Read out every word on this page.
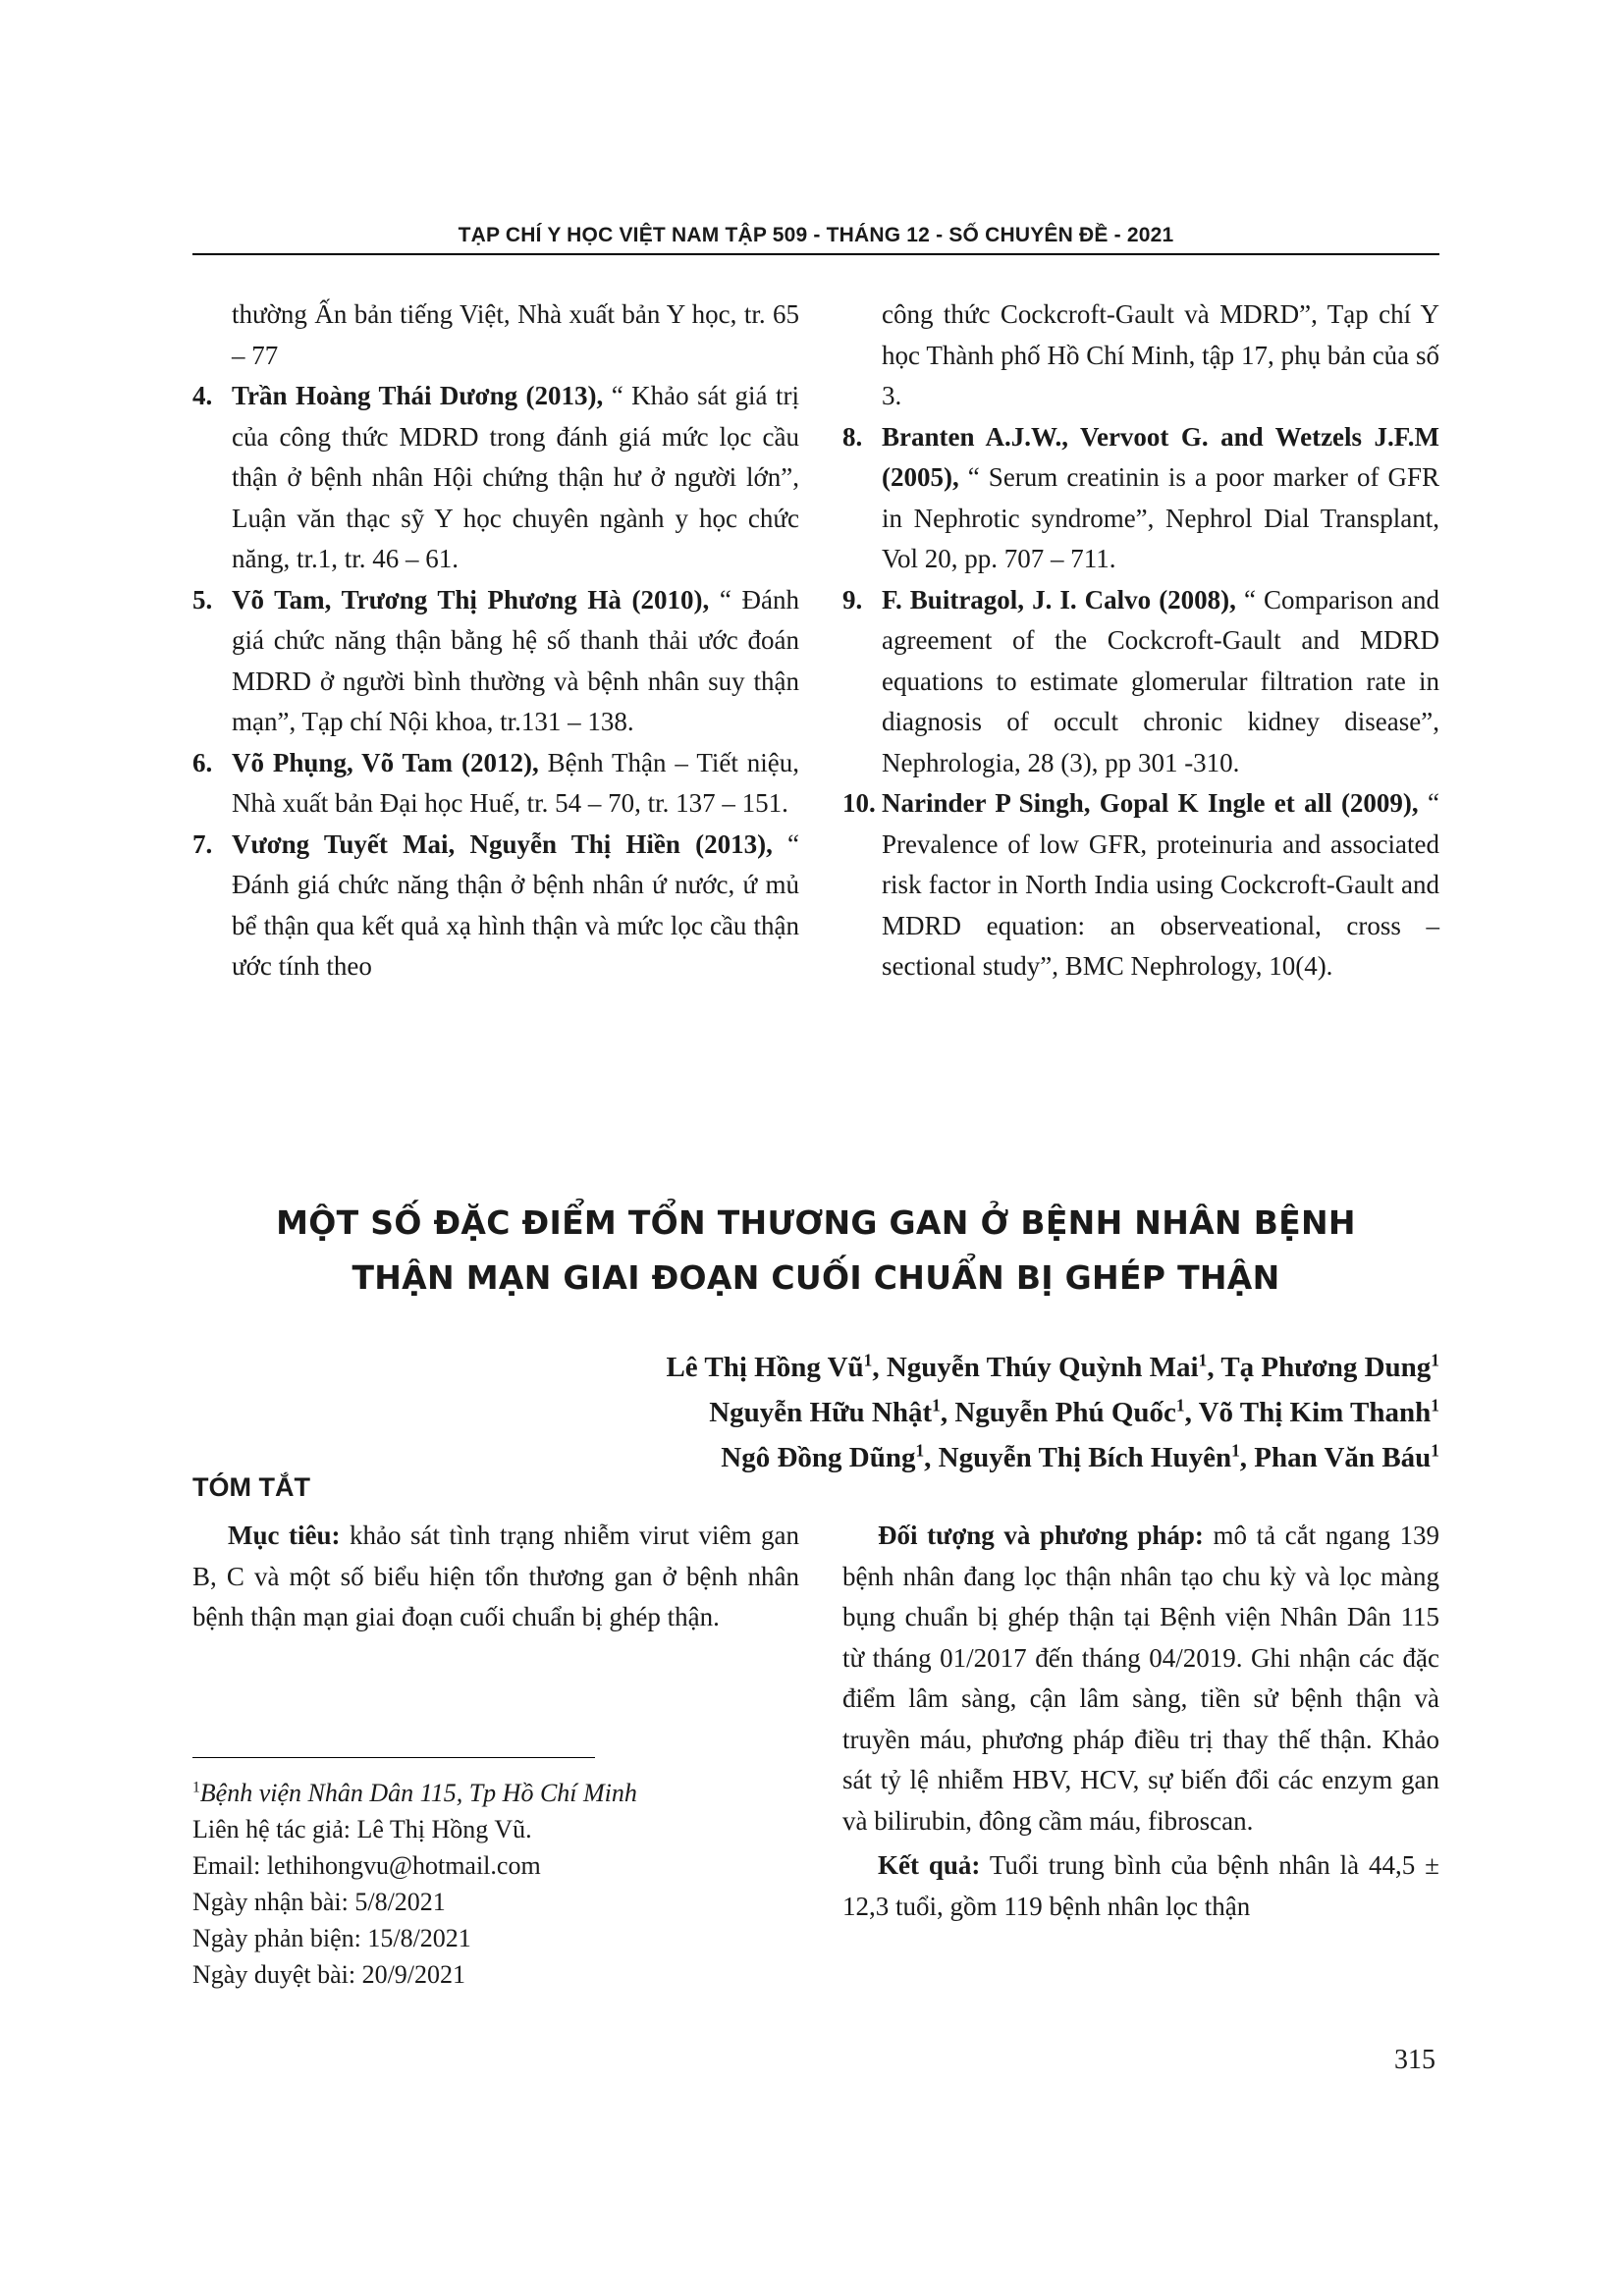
TẠP CHÍ Y HỌC VIỆT NAM TẬP 509 - THÁNG 12 - SỐ CHUYÊN ĐỀ - 2021
thường Ấn bản tiếng Việt, Nhà xuất bản Y học, tr. 65 – 77
4. Trần Hoàng Thái Dương (2013), “ Khảo sát giá trị của công thức MDRD trong đánh giá mức lọc cầu thận ở bệnh nhân Hội chứng thận hư ở người lớn”, Luận văn thạc sỹ Y học chuyên ngành y học chức năng, tr.1, tr. 46 – 61.
5. Võ Tam, Trương Thị Phương Hà (2010), “ Đánh giá chức năng thận bằng hệ số thanh thải ước đoán MDRD ở người bình thường và bệnh nhân suy thận mạn”, Tạp chí Nội khoa, tr.131 – 138.
6. Võ Phụng, Võ Tam (2012), Bệnh Thận – Tiết niệu, Nhà xuất bản Đại học Huế, tr. 54 – 70, tr. 137 – 151.
7. Vương Tuyết Mai, Nguyễn Thị Hiền (2013), “ Đánh giá chức năng thận ở bệnh nhân ứ nước, ứ mủ bể thận qua kết quả xạ hình thận và mức lọc cầu thận ước tính theo
công thức Cockcroft-Gault và MDRD”, Tạp chí Y học Thành phố Hồ Chí Minh, tập 17, phụ bản của số 3.
8. Branten A.J.W., Vervoot G. and Wetzels J.F.M (2005), “ Serum creatinin is a poor marker of GFR in Nephrotic syndrome”, Nephrol Dial Transplant, Vol 20, pp. 707 – 711.
9. F. Buitragol, J. I. Calvo (2008), “ Comparison and agreement of the Cockcroft-Gault and MDRD equations to estimate glomerular filtration rate in diagnosis of occult chronic kidney disease”, Nephrologia, 28 (3), pp 301 -310.
10. Narinder P Singh, Gopal K Ingle et all (2009), “ Prevalence of low GFR, proteinuria and associated risk factor in North India using Cockcroft-Gault and MDRD equation: an observeational, cross – sectional study”, BMC Nephrology, 10(4).
MỘT SỐ ĐẶC ĐIỂM TỔN THƯƠNG GAN Ở BỆNH NHÂN BỆNH
THẬN MẠN GIAI ĐOẠN CUỐI CHUẨN BỊ GHÉP THẬN
Lê Thị Hồng $Vũ^1$, Nguyễn Thúy Quỳnh Mai$^1$, Tạ Phương Dung$^1$
Nguyễn Hữu Nhật$^1$, Nguyễn Phú Quốc$^1$, Võ Thị Kim Thanh$^1$
Ngô Đồng Dũng$^1$, Nguyễn Thị Bích Huyên$^1$, Phan Văn Báu$^1$
TÓM TẮT

Mục tiêu: khảo sát tình trạng nhiễm virut viêm gan B, C và một số biểu hiện tổn thương gan ở bệnh nhân bệnh thận mạn giai đoạn cuối chuẩn bị ghép thận.

Đối tượng và phương pháp: mô tả cắt ngang 139 bệnh nhân đang lọc thận nhân tạo chu kỳ và lọc màng bụng chuẩn bị ghép thận tại Bệnh viện Nhân Dân 115 từ tháng 01/2017 đến tháng 04/2019. Ghi nhận các đặc điểm lâm sàng, cận lâm sàng, tiền sử bệnh thận và truyền máu, phương pháp điều trị thay thế thận. Khảo sát tỷ lệ nhiễm HBV, HCV, sự biến đổi các enzym gan và bilirubin, đông cầm máu, fibroscan.

Kết quả: Tuổi trung bình của bệnh nhân là 44,5 ± 12,3 tuổi, gồm 119 bệnh nhân lọc thận

$^1$Bệnh viện Nhân Dân 115, Tp Hồ Chí Minh
Liên hệ tác giả: Lê Thị Hồng Vũ.
Email: lethihongvu@hotmail.com
Ngày nhận bài: 5/8/2021
Ngày phản biện: 15/8/2021
Ngày duyệt bài: 20/9/2021
315
